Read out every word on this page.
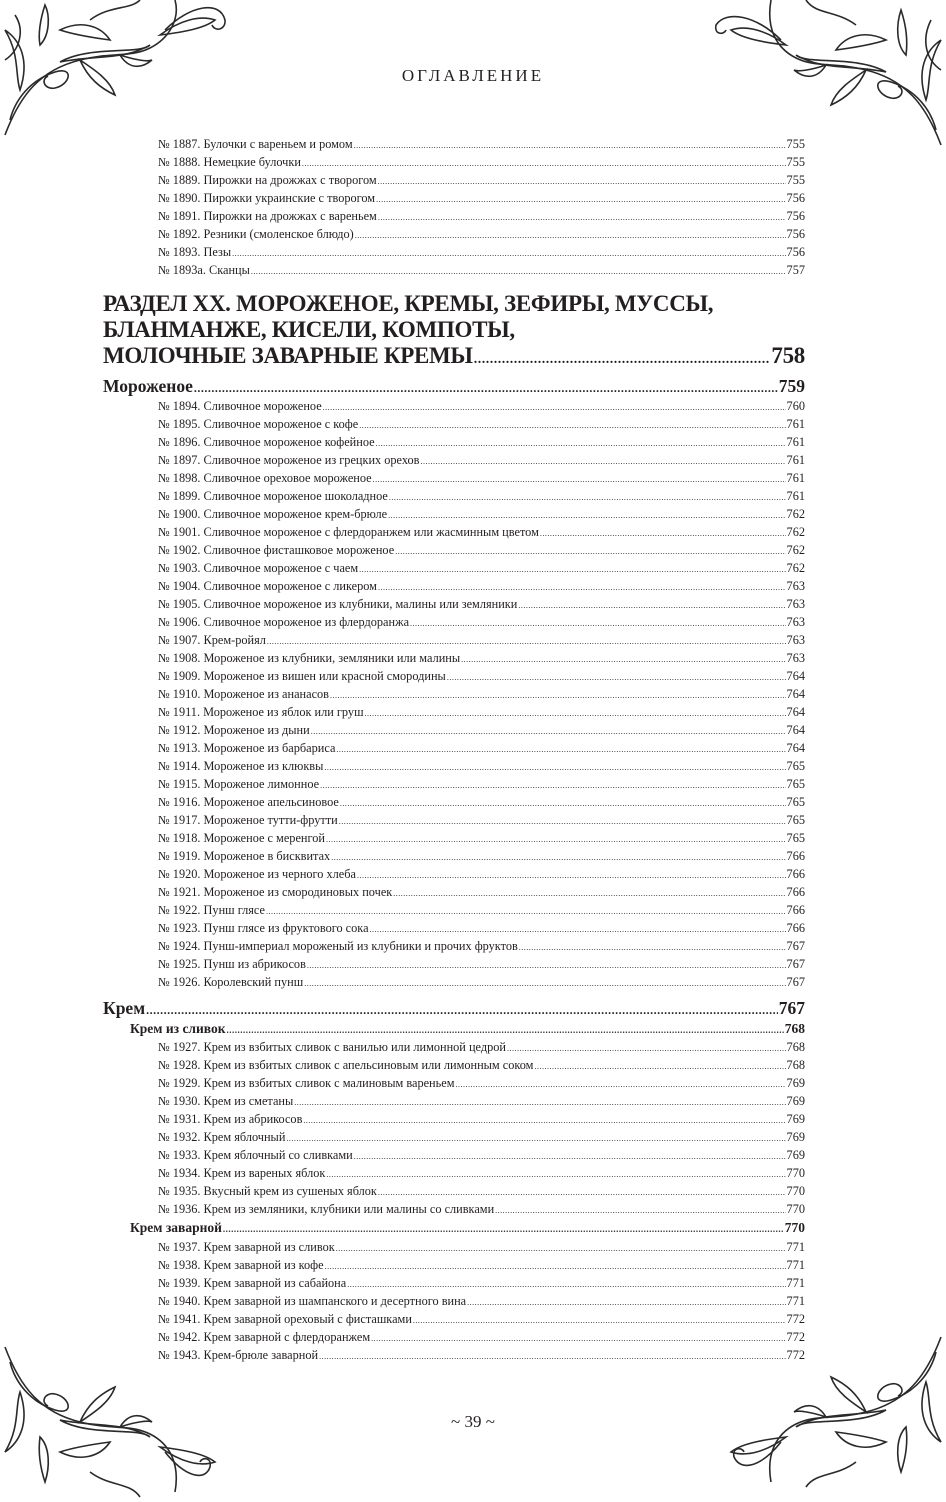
ОГЛАВЛЕНИЕ
№ 1887. Булочки с вареньем и ромом .....	755
№ 1888. Немецкие булочки .....	755
№ 1889. Пирожки на дрожжах с творогом .....	755
№ 1890. Пирожки украинские с творогом .....	756
№ 1891. Пирожки на дрожжах с вареньем .....	756
№ 1892. Резники (смоленское блюдо) .....	756
№ 1893. Пезы .....	756
№ 1893а. Сканцы .....	757
РАЗДЕЛ XX. МОРОЖЕНОЕ, КРЕМЫ, ЗЕФИРЫ, МУССЫ,
БЛАНМАНЖЕ, КИСЕЛИ, КОМПОТЫ,
МОЛОЧНЫЕ ЗАВАРНЫЕ КРЕМЫ .....	758
Мороженое .....	759
№ 1894. Сливочное мороженое .....	760
№ 1895. Сливочное мороженое с кофе .....	761
№ 1896. Сливочное мороженое кофейное .....	761
№ 1897. Сливочное мороженое из грецких орехов .....	761
№ 1898. Сливочное ореховое мороженое .....	761
№ 1899. Сливочное мороженое шоколадное .....	761
№ 1900. Сливочное мороженое крем-брюле .....	762
№ 1901. Сливочное мороженое с флердоранжем или жасминным цветом .....	762
№ 1902. Сливочное фисташковое мороженое .....	762
№ 1903. Сливочное мороженое с чаем .....	762
№ 1904. Сливочное мороженое с ликером .....	763
№ 1905. Сливочное мороженое из клубники, малины или земляники .....	763
№ 1906. Сливочное мороженое из флердоранжа .....	763
№ 1907. Крем-ройял .....	763
№ 1908. Мороженое из клубники, земляники или малины .....	763
№ 1909. Мороженое из вишен или красной смородины .....	764
№ 1910. Мороженое из ананасов .....	764
№ 1911. Мороженое из яблок или груш .....	764
№ 1912. Мороженое из дыни .....	764
№ 1913. Мороженое из барбариса .....	764
№ 1914. Мороженое из клюквы .....	765
№ 1915. Мороженое лимонное .....	765
№ 1916. Мороженое апельсиновое .....	765
№ 1917. Мороженое тутти-фрутти .....	765
№ 1918. Мороженое с меренгой .....	765
№ 1919. Мороженое в бисквитах .....	766
№ 1920. Мороженое из черного хлеба .....	766
№ 1921. Мороженое из смородиновых почек .....	766
№ 1922. Пунш глясе .....	766
№ 1923. Пунш глясе из фруктового сока .....	766
№ 1924. Пунш-империал мороженый из клубники и прочих фруктов .....	767
№ 1925. Пунш из абрикосов .....	767
№ 1926. Королевский пунш .....	767
Крем .....	767
Крем из сливок .....	768
№ 1927. Крем из взбитых сливок с ванилью или лимонной цедрой .....	768
№ 1928. Крем из взбитых сливок с апельсиновым или лимонным соком .....	768
№ 1929. Крем из взбитых сливок с малиновым вареньем .....	769
№ 1930. Крем из сметаны .....	769
№ 1931. Крем из абрикосов .....	769
№ 1932. Крем яблочный .....	769
№ 1933. Крем яблочный со сливками .....	769
№ 1934. Крем из вареных яблок .....	770
№ 1935. Вкусный крем из сушеных яблок .....	770
№ 1936. Крем из земляники, клубники или малины со сливками .....	770
Крем заварной .....	770
№ 1937. Крем заварной из сливок .....	771
№ 1938. Крем заварной из кофе .....	771
№ 1939. Крем заварной из сабайона .....	771
№ 1940. Крем заварной из шампанского и десертного вина .....	771
№ 1941. Крем заварной ореховый с фисташками .....	772
№ 1942. Крем заварной с флердоранжем .....	772
№ 1943. Крем-брюле заварной .....	772
~ 39 ~
